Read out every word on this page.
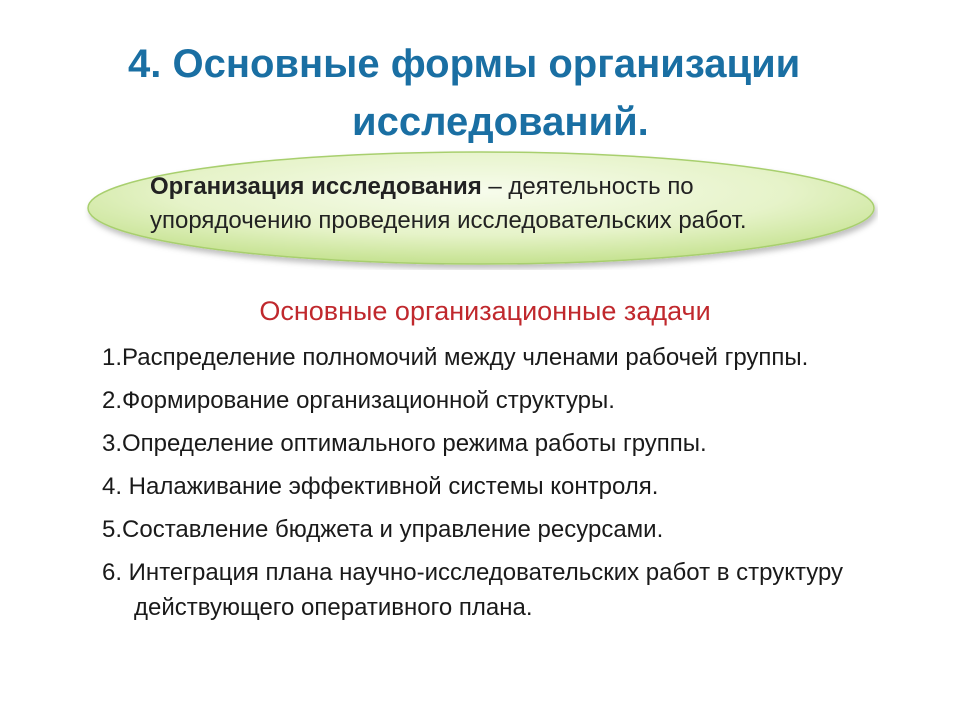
4. Основные формы организации
исследований.
Организация исследования – деятельность по
упорядочению проведения исследовательских работ.
Основные организационные задачи
1.Распределение полномочий между членами рабочей группы.
2.Формирование организационной структуры.
3.Определение оптимального режима работы группы.
4. Налаживание эффективной системы контроля.
5.Составление бюджета и управление ресурсами.
6. Интеграция плана научно-исследовательских работ в структуру действующего оперативного плана.
